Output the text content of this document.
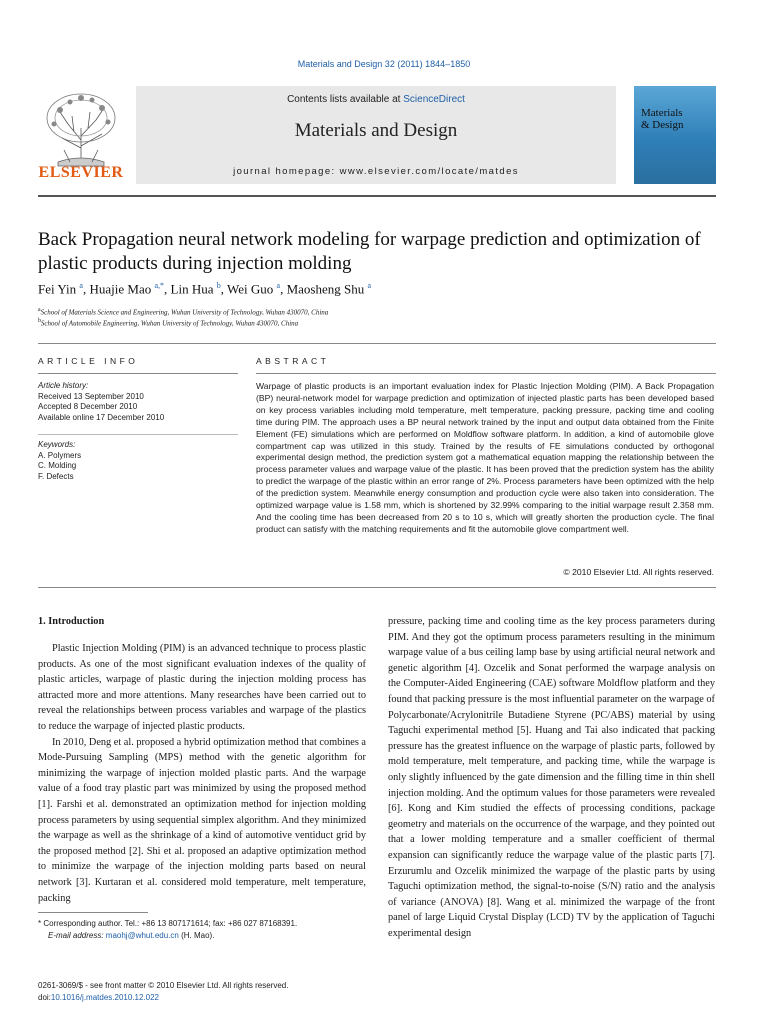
Materials and Design 32 (2011) 1844–1850
ELSEVIER
Contents lists available at ScienceDirect
Materials and Design
journal homepage: www.elsevier.com/locate/matdes
Materials
& Design
Back Propagation neural network modeling for warpage prediction and optimization of plastic products during injection molding
Fei Yin $^a$, Huajie Mao $^{a,*}$, Lin Hua $^b$, Wei Guo $^a$, Maosheng Shu $^a$
$^a$School of Materials Science and Engineering, Wuhan University of Technology, Wuhan 430070, China
$^b$School of Automobile Engineering, Wuhan University of Technology, Wuhan 430070, China
ARTICLE INFO	ABSTRACT
Article history:
Received 13 September 2010
Accepted 8 December 2010
Available online 17 December 2010
Keywords:
A. Polymers
C. Molding
F. Defects
Warpage of plastic products is an important evaluation index for Plastic Injection Molding (PIM). A Back Propagation (BP) neural-network model for warpage prediction and optimization of injected plastic parts has been developed based on key process variables including mold temperature, melt temperature, packing pressure, packing time and cooling time during PIM. The approach uses a BP neural network trained by the input and output data obtained from the Finite Element (FE) simulations which are performed on Moldflow software platform. In addition, a kind of automobile glove compartment cap was utilized in this study. Trained by the results of FE simulations conducted by orthogonal experimental design method, the prediction system got a mathematical equation mapping the relationship between the process parameter values and warpage value of the plastic. It has been proved that the prediction system has the ability to predict the warpage of the plastic within an error range of 2%. Process parameters have been optimized with the help of the prediction system. Meanwhile energy consumption and production cycle were also taken into consideration. The optimized warpage value is 1.58 mm, which is shortened by 32.99% comparing to the initial warpage result 2.358 mm. And the cooling time has been decreased from 20 s to 10 s, which will greatly shorten the production cycle. The final product can satisfy with the matching requirements and fit the automobile glove compartment well.
© 2010 Elsevier Ltd. All rights reserved.
1. Introduction

Plastic Injection Molding (PIM) is an advanced technique to process plastic products. As one of the most significant evaluation indexes of the quality of plastic articles, warpage of plastic during the injection molding process has attracted more and more attentions. Many researches have been carried out to reveal the relationships between process variables and warpage of the plastics to reduce the warpage of injected plastic products.

In 2010, Deng et al. proposed a hybrid optimization method that combines a Mode-Pursuing Sampling (MPS) method with the genetic algorithm for minimizing the warpage of injection molded plastic parts. And the warpage value of a food tray plastic part was minimized by using the proposed method [1]. Farshi et al. demonstrated an optimization method for injection molding process parameters by using sequential simplex algorithm. And they minimized the warpage as well as the shrinkage of a kind of automotive ventiduct grid by the proposed method [2]. Shi et al. proposed an adaptive optimization method to minimize the warpage of the injection molding parts based on neural network [3]. Kurtaran et al. considered mold temperature, melt temperature, packing

pressure, packing time and cooling time as the key process parameters during PIM. And they got the optimum process parameters resulting in the minimum warpage value of a bus ceiling lamp base by using artificial neural network and genetic algorithm [4]. Ozcelik and Sonat performed the warpage analysis on the Computer-Aided Engineering (CAE) software Moldflow platform and they found that packing pressure is the most influential parameter on the warpage of Polycarbonate/Acrylonitrile Butadiene Styrene (PC/ABS) material by using Taguchi experimental method [5]. Huang and Tai also indicated that packing pressure has the greatest influence on the warpage of plastic parts, followed by mold temperature, melt temperature, and packing time, while the warpage is only slightly influenced by the gate dimension and the filling time in thin shell injection molding. And the optimum values for those parameters were revealed [6]. Kong and Kim studied the effects of processing conditions, package geometry and materials on the occurrence of the warpage, and they pointed out that a lower molding temperature and a smaller coefficient of thermal expansion can significantly reduce the warpage value of the plastic parts [7]. Erzurumlu and Ozcelik minimized the warpage of the plastic parts by using Taguchi optimization method, the signal-to-noise (S/N) ratio and the analysis of variance (ANOVA) [8]. Wang et al. minimized the warpage of the front panel of large Liquid Crystal Display (LCD) TV by the application of Taguchi experimental design

* Corresponding author. Tel.: +86 13 807171614; fax: +86 027 87168391.
E-mail address: maohj@whut.edu.cn (H. Mao).
0261-3069/$ - see front matter © 2010 Elsevier Ltd. All rights reserved.
doi:10.1016/j.matdes.2010.12.022
